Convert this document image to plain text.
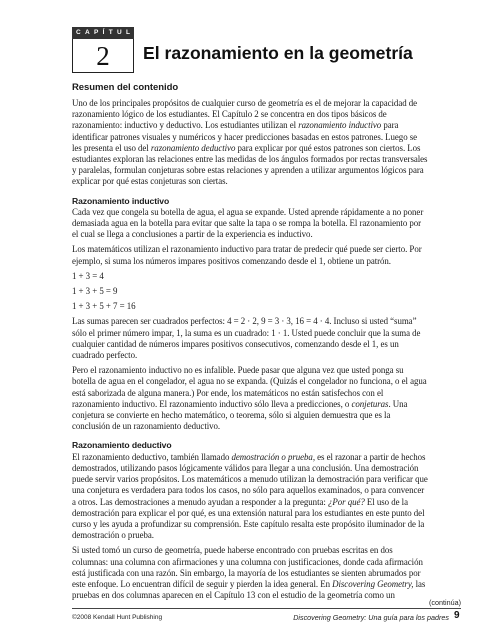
CAPÍTULO
2	El razonamiento en la geometría
Resumen del contenido

Uno de los principales propósitos de cualquier curso de geometría es el de mejorar la capacidad de razonamiento lógico de los estudiantes. El Capítulo 2 se concentra en dos tipos básicos de razonamiento: inductivo y deductivo. Los estudiantes utilizan el razonamiento inductivo para identificar patrones visuales y numéricos y hacer predicciones basadas en estos patrones. Luego se les presenta el uso del razonamiento deductivo para explicar por qué estos patrones son ciertos. Los estudiantes exploran las relaciones entre las medidas de los ángulos formados por rectas transversales y paralelas, formulan conjeturas sobre estas relaciones y aprenden a utilizar argumentos lógicos para explicar por qué estas conjeturas son ciertas.

Razonamiento inductivo

Cada vez que congela su botella de agua, el agua se expande. Usted aprende rápidamente a no poner demasiada agua en la botella para evitar que salte la tapa o se rompa la botella. El razonamiento por el cual se llega a conclusiones a partir de la experiencia es inductivo.

Los matemáticos utilizan el razonamiento inductivo para tratar de predecir qué puede ser cierto. Por ejemplo, si suma los números impares positivos comenzando desde el 1, obtiene un patrón.

1 + 3 = 4
1 + 3 + 5 = 9
1 + 3 + 5 + 7 = 16

Las sumas parecen ser cuadrados perfectos: 4 = 2 · 2, 9 = 3 · 3, 16 = 4 · 4. Incluso si usted “suma” sólo el primer número impar, 1, la suma es un cuadrado: 1 · 1. Usted puede concluir que la suma de cualquier cantidad de números impares positivos consecutivos, comenzando desde el 1, es un cuadrado perfecto.

Pero el razonamiento inductivo no es infalible. Puede pasar que alguna vez que usted ponga su botella de agua en el congelador, el agua no se expanda. (Quizás el congelador no funciona, o el agua está saborizada de alguna manera.) Por ende, los matemáticos no están satisfechos con el razonamiento inductivo. El razonamiento inductivo sólo lleva a predicciones, o conjeturas. Una conjetura se convierte en hecho matemático, o teorema, sólo si alguien demuestra que es la conclusión de un razonamiento deductivo.

Razonamiento deductivo

El razonamiento deductivo, también llamado demostración o prueba, es el razonar a partir de hechos demostrados, utilizando pasos lógicamente válidos para llegar a una conclusión. Una demostración puede servir varios propósitos. Los matemáticos a menudo utilizan la demostración para verificar que una conjetura es verdadera para todos los casos, no sólo para aquellos examinados, o para convencer a otros. Las demostraciones a menudo ayudan a responder a la pregunta: ¿Por qué? El uso de la demostración para explicar el por qué, es una extensión natural para los estudiantes en este punto del curso y les ayuda a profundizar su comprensión. Este capítulo resalta este propósito iluminador de la demostración o prueba.

Si usted tomó un curso de geometría, puede haberse encontrado con pruebas escritas en dos columnas: una columna con afirmaciones y una columna con justificaciones, donde cada afirmación está justificada con una razón. Sin embargo, la mayoría de los estudiantes se sienten abrumados por este enfoque. Lo encuentran difícil de seguir y pierden la idea general. En Discovering Geometry, las pruebas en dos columnas aparecen en el Capítulo 13 con el estudio de la geometría como un

(continúa)
©2008 Kendall Hunt Publishing	Discovering Geometry: Una guía para los padres 9
